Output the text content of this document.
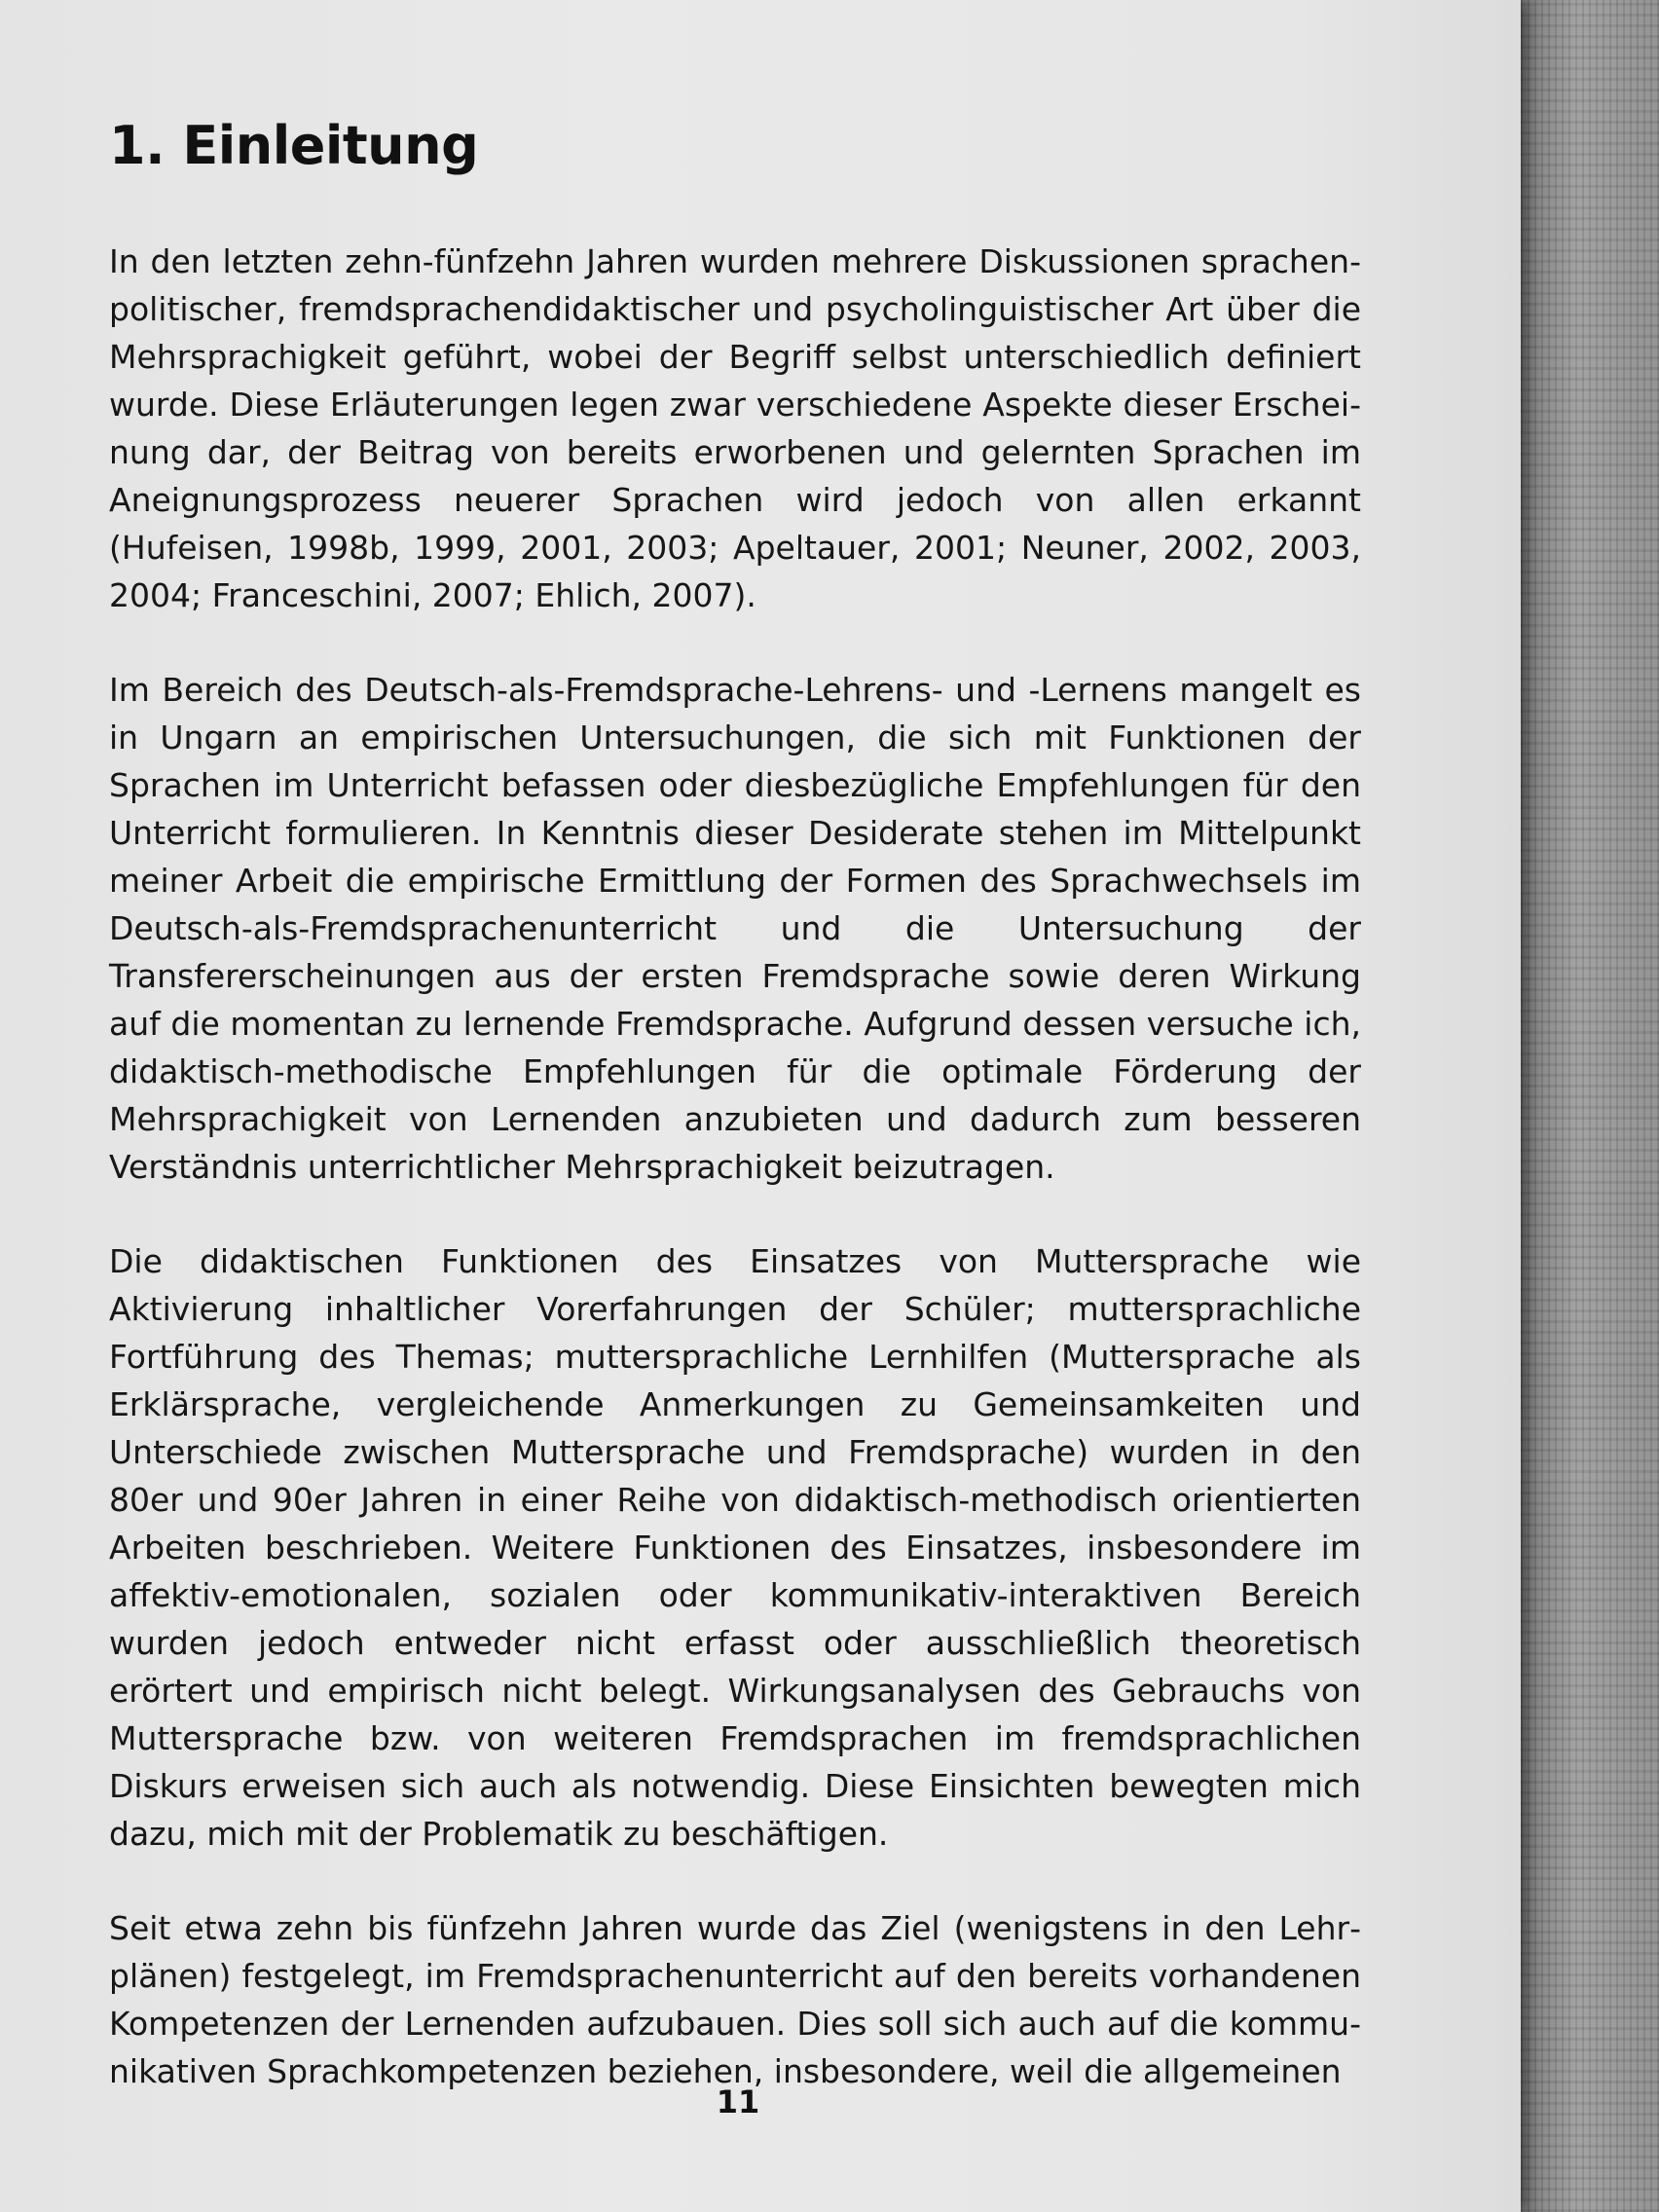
1. Einleitung

In den letzten zehn-fünfzehn Jahren wurden mehrere Diskussionen sprachenpolitischer, fremdsprachendidaktischer und psycholinguistischer Art über die Mehrsprachigkeit geführt, wobei der Begriff selbst unterschiedlich definiert wurde. Diese Erläuterungen legen zwar verschiedene Aspekte dieser Erscheinung dar, der Beitrag von bereits erworbenen und gelernten Sprachen im Aneignungsprozess neuerer Sprachen wird jedoch von allen erkannt (Hufeisen, 1998b, 1999, 2001, 2003; Apeltauer, 2001; Neuner, 2002, 2003, 2004; Franceschini, 2007; Ehlich, 2007).

Im Bereich des Deutsch-als-Fremdsprache-Lehrens- und -Lernens mangelt es in Ungarn an empirischen Untersuchungen, die sich mit Funktionen der Sprachen im Unterricht befassen oder diesbezügliche Empfehlungen für den Unterricht formulieren. In Kenntnis dieser Desiderate stehen im Mittelpunkt meiner Arbeit die empirische Ermittlung der Formen des Sprachwechsels im Deutsch-als-Fremdsprachenunterricht und die Untersuchung der Transfererscheinungen aus der ersten Fremdsprache sowie deren Wirkung auf die momentan zu lernende Fremdsprache. Aufgrund dessen versuche ich, didaktisch-methodische Empfehlungen für die optimale Förderung der Mehrsprachigkeit von Lernenden anzubieten und dadurch zum besseren Verständnis unterrichtlicher Mehrsprachigkeit beizutragen.

Die didaktischen Funktionen des Einsatzes von Muttersprache wie Aktivierung inhaltlicher Vorerfahrungen der Schüler; muttersprachliche Fortführung des Themas; muttersprachliche Lernhilfen (Muttersprache als Erklärsprache, vergleichende Anmerkungen zu Gemeinsamkeiten und Unterschiede zwischen Muttersprache und Fremdsprache) wurden in den 80er und 90er Jahren in einer Reihe von didaktisch-methodisch orientierten Arbeiten beschrieben. Weitere Funktionen des Einsatzes, insbesondere im affektiv-emotionalen, sozialen oder kommunikativ-interaktiven Bereich wurden jedoch entweder nicht erfasst oder ausschließlich theoretisch erörtert und empirisch nicht belegt. Wirkungsanalysen des Gebrauchs von Muttersprache bzw. von weiteren Fremdsprachen im fremdsprachlichen Diskurs erweisen sich auch als notwendig. Diese Einsichten bewegten mich dazu, mich mit der Problematik zu beschäftigen.

Seit etwa zehn bis fünfzehn Jahren wurde das Ziel (wenigstens in den Lehrplänen) festgelegt, im Fremdsprachenunterricht auf den bereits vorhandenen Kompetenzen der Lernenden aufzubauen. Dies soll sich auch auf die kommunikativen Sprachkompetenzen beziehen, insbesondere, weil die allgemeinen

11
